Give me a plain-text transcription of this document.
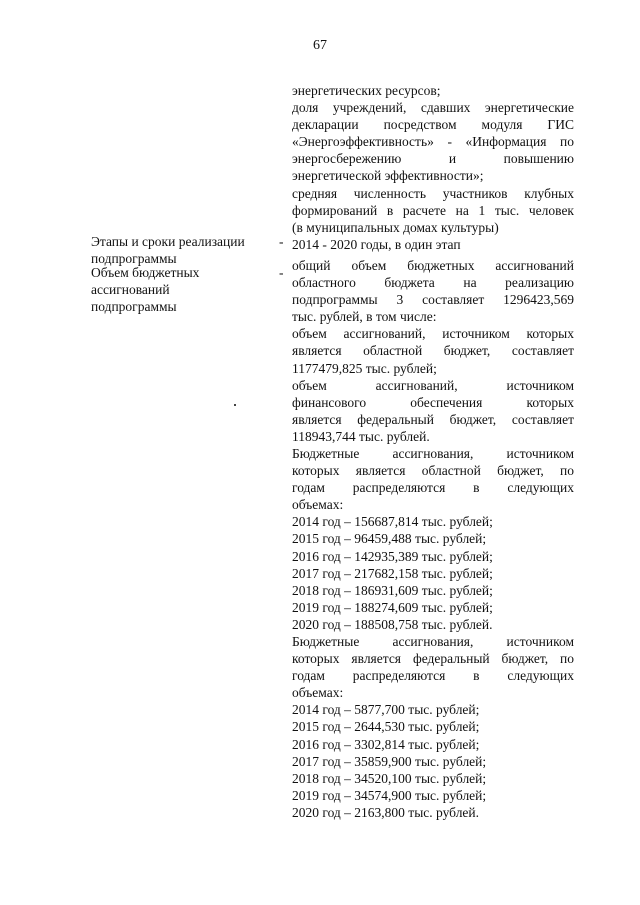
67
Этапы и сроки реализации
подпрограммы
-
Объем бюджетных
ассигнований
подпрограммы
-
энергетических ресурсов;
доля учреждений, сдавших энергетические
декларации посредством модуля ГИС
«Энергоэффективность» - «Информация по
энергосбережению и повышению
энергетической эффективности»;
средняя численность участников клубных
формирований в расчете на 1 тыс. человек
(в муниципальных домах культуры)
2014 - 2020 годы, в один этап
общий объем бюджетных ассигнований
областного бюджета на реализацию
подпрограммы 3 составляет 1296423,569
тыс. рублей, в том числе:
объем ассигнований, источником которых
является областной бюджет, составляет
1177479,825 тыс. рублей;
объем ассигнований, источником
финансового обеспечения которых
является федеральный бюджет, составляет
118943,744 тыс. рублей.
Бюджетные ассигнования, источником
которых является областной бюджет, по
годам распределяются в следующих
объемах:
2014 год – 156687,814 тыс. рублей;
2015 год – 96459,488 тыс. рублей;
2016 год – 142935,389 тыс. рублей;
2017 год – 217682,158 тыс. рублей;
2018 год – 186931,609 тыс. рублей;
2019 год – 188274,609 тыс. рублей;
2020 год – 188508,758 тыс. рублей.
Бюджетные ассигнования, источником
которых является федеральный бюджет, по
годам распределяются в следующих
объемах:
2014 год – 5877,700 тыс. рублей;
2015 год – 2644,530 тыс. рублей;
2016 год – 3302,814 тыс. рублей;
2017 год – 35859,900 тыс. рублей;
2018 год – 34520,100 тыс. рублей;
2019 год – 34574,900 тыс. рублей;
2020 год – 2163,800 тыс. рублей.
